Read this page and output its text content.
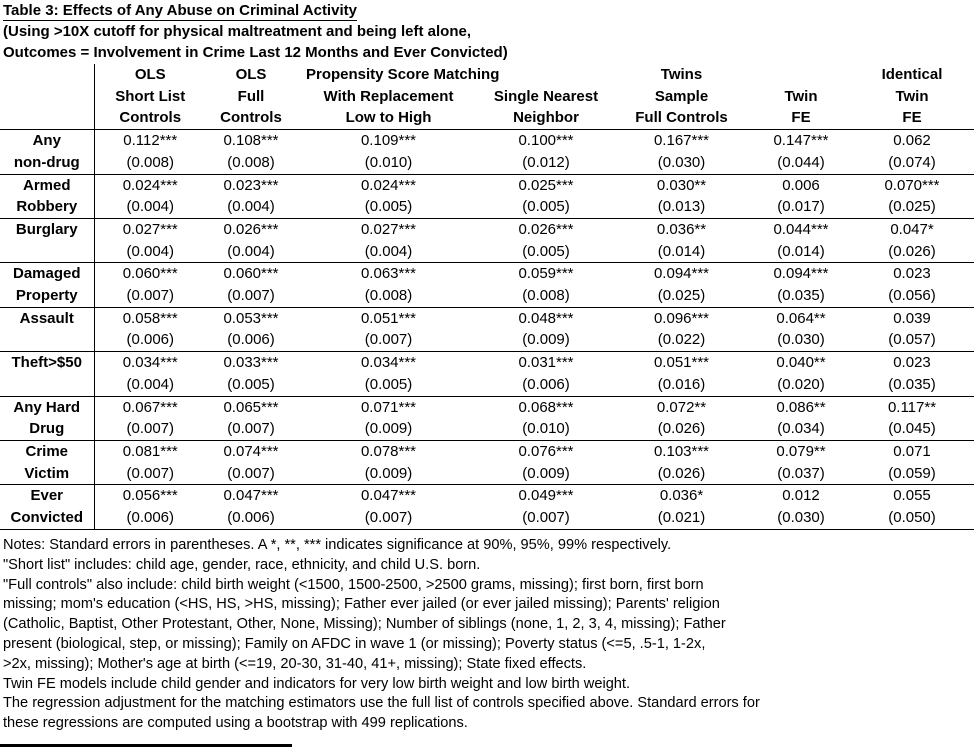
Table 3: Effects of Any Abuse on Criminal Activity
(Using >10X cutoff for physical maltreatment and being left alone,
Outcomes = Involvement in Crime Last 12 Months and Ever Convicted)
	OLS	OLS	Propensity Score Matching		Twins		Identical
	Short List	Full	With Replacement	Single Nearest	Sample	Twin	Twin
	Controls	Controls	Low to High	Neighbor	Full Controls	FE	FE
Any	0.112***	0.108***	0.109***	0.100***	0.167***	0.147***	0.062
non-drug	(0.008)	(0.008)	(0.010)	(0.012)	(0.030)	(0.044)	(0.074)
Armed	0.024***	0.023***	0.024***	0.025***	0.030**	0.006	0.070***
Robbery	(0.004)	(0.004)	(0.005)	(0.005)	(0.013)	(0.017)	(0.025)
Burglary	0.027***	0.026***	0.027***	0.026***	0.036**	0.044***	0.047*
	(0.004)	(0.004)	(0.004)	(0.005)	(0.014)	(0.014)	(0.026)
Damaged	0.060***	0.060***	0.063***	0.059***	0.094***	0.094***	0.023
Property	(0.007)	(0.007)	(0.008)	(0.008)	(0.025)	(0.035)	(0.056)
Assault	0.058***	0.053***	0.051***	0.048***	0.096***	0.064**	0.039
	(0.006)	(0.006)	(0.007)	(0.009)	(0.022)	(0.030)	(0.057)
Theft>$50	0.034***	0.033***	0.034***	0.031***	0.051***	0.040**	0.023
	(0.004)	(0.005)	(0.005)	(0.006)	(0.016)	(0.020)	(0.035)
Any Hard	0.067***	0.065***	0.071***	0.068***	0.072**	0.086**	0.117**
Drug	(0.007)	(0.007)	(0.009)	(0.010)	(0.026)	(0.034)	(0.045)
Crime	0.081***	0.074***	0.078***	0.076***	0.103***	0.079**	0.071
Victim	(0.007)	(0.007)	(0.009)	(0.009)	(0.026)	(0.037)	(0.059)
Ever	0.056***	0.047***	0.047***	0.049***	0.036*	0.012	0.055
Convicted	(0.006)	(0.006)	(0.007)	(0.007)	(0.021)	(0.030)	(0.050)

Notes: Standard errors in parentheses. A *, **, *** indicates significance at 90%, 95%, 99% respectively.

"Short list" includes: child age, gender, race, ethnicity, and child U.S. born.

"Full controls" also include: child birth weight (<1500, 1500-2500, >2500 grams, missing); first born, first born

missing; mom's education (<HS, HS, >HS, missing); Father ever jailed (or ever jailed missing); Parents' religion

(Catholic, Baptist, Other Protestant, Other, None, Missing); Number of siblings (none, 1, 2, 3, 4, missing); Father

present (biological, step, or missing); Family on AFDC in wave 1 (or missing); Poverty status (<=5, .5-1, 1-2x,

>2x, missing); Mother's age at birth (<=19, 20-30, 31-40, 41+, missing); State fixed effects.

Twin FE models include child gender and indicators for very low birth weight and low birth weight.

The regression adjustment for the matching estimators use the full list of controls specified above. Standard errors for

these regressions are computed using a bootstrap with 499 replications.
